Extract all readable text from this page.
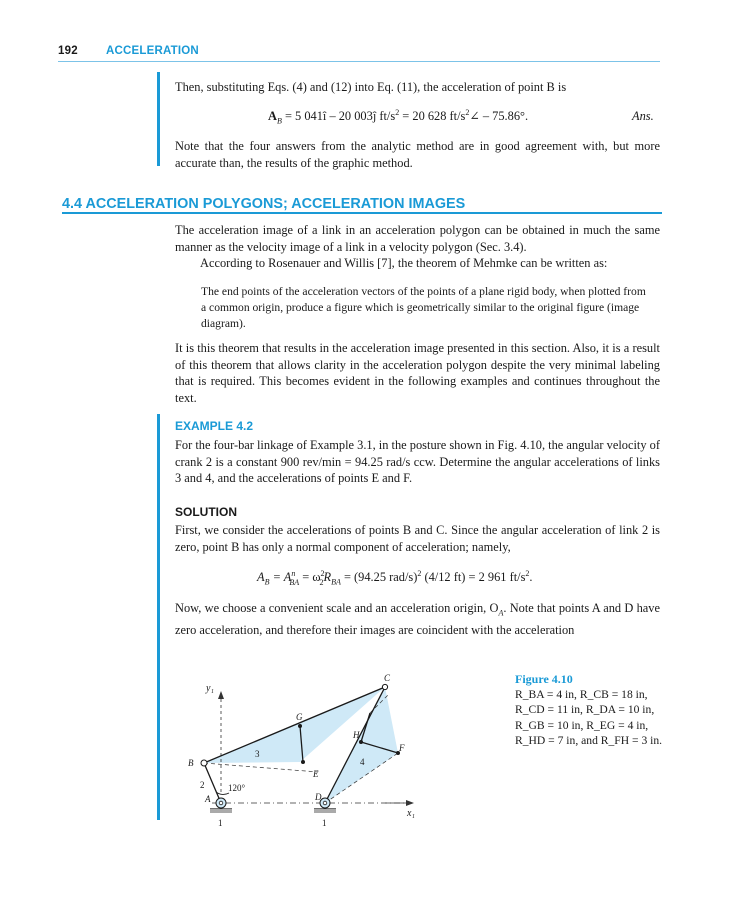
192 ACCELERATION
Then, substituting Eqs. (4) and (12) into Eq. (11), the acceleration of point B is
$A_B = 5$ 041î – 20 003ĵ $ft/s^2 = 20$ 628 $ft/s^2\angle - 75.86^\circ$.	Ans.
Note that the four answers from the analytic method are in good agreement with, but more accurate than, the results of the graphic method.
4.4 ACCELERATION POLYGONS; ACCELERATION IMAGES
The acceleration image of a link in an acceleration polygon can be obtained in much the same manner as the velocity image of a link in a velocity polygon (Sec. 3.4).
According to Rosenauer and Willis [7], the theorem of Mehmke can be written as:
The end points of the acceleration vectors of the points of a plane rigid body, when plotted from a common origin, produce a figure which is geometrically similar to the original figure (image diagram).
It is this theorem that results in the acceleration image presented in this section. Also, it is a result of this theorem that allows clarity in the acceleration polygon despite the very minimal labeling that is required. This becomes evident in the following examples and continues throughout the text.
EXAMPLE 4.2
For the four-bar linkage of Example 3.1, in the posture shown in Fig. 4.10, the angular velocity of crank 2 is a constant 900 rev/min = 94.25 rad/s ccw. Determine the angular accelerations of links 3 and 4, and the accelerations of points E and F.
SOLUTION
First, we consider the accelerations of points B and C. Since the angular acceleration of link 2 is zero, point B has only a normal component of acceleration; namely,
$A_B = A^n_{BA} = \omega^2_2R_{BA} = (94.25$ rad/s)$^2$ (4/12 ft) = 2 961 $ft/s^2$.
Now, we choose a convenient scale and an acceleration origin, $O_A$. Note that points A and D have zero acceleration, and therefore their images are coincident with the acceleration
y₁
x₁
A
B
C
D
E
F
G
H
2
3
4
1	1
120°
Figure 4.10
R_BA = 4 in, R_CB = 18 in,
R_CD = 11 in, R_DA = 10 in,
R_GB = 10 in, R_EG = 4 in,
R_HD = 7 in, and R_FH = 3 in.
